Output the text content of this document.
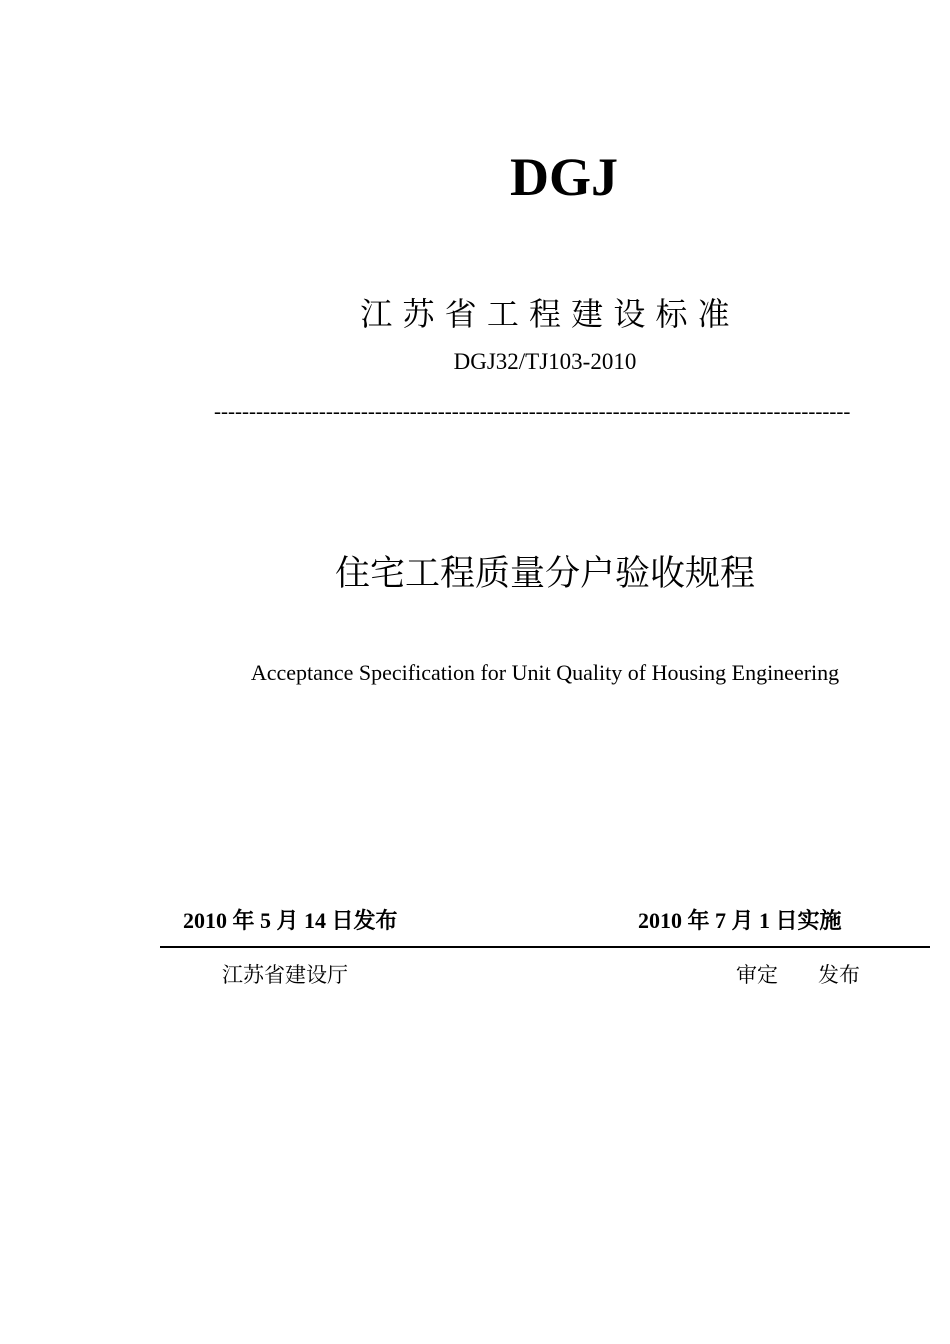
DGJ
江 苏 省 工 程 建 设 标 准
DGJ32/TJ103-2010
-------------------------------------------------------------------------------------------
住宅工程质量分户验收规程
Acceptance Specification for Unit Quality of Housing Engineering
2010 年 5 月 14 日发布	2010 年 7 月 1 日实施
江苏省建设厅	审定      发布
